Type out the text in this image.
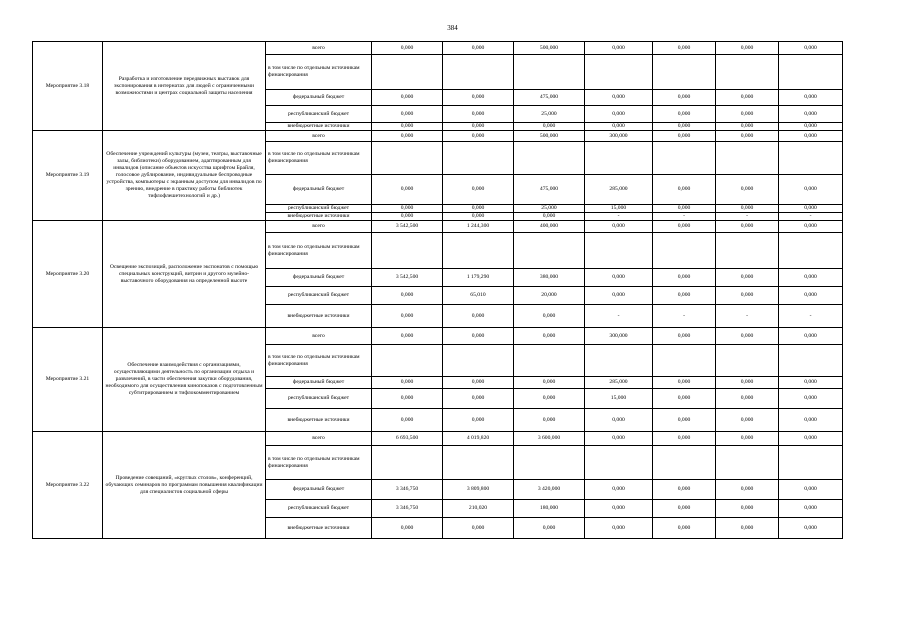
384
Мероприятие 3.18	Разработка и изготовление передвижных выставок для экспонирования в интернатах для людей с ограниченными возможностями и центрах социальной защиты населения	всего	0,000	0,000	500,000	0,000	0,000	0,000	0,000
		в том числе по отдельным источникам финансирования							
		федеральный бюджет	0,000	0,000	475,000	0,000	0,000	0,000	0,000
		республиканский бюджет	0,000	0,000	25,000	0,000	0,000	0,000	0,000
		внебюджетные источники	0,000	0,000	0,000	0,000	0,000	0,000	0,000
Мероприятие 3.19	Обеспечение учреждений культуры (музеи, театры, выставочные залы, библиотеки) оборудованием, адаптированным для инвалидов (описание объектов искусства шрифтом Брайля, голосовое дублирование, индивидуальные беспроводные устройства, компьютеры с экранным доступом для инвалидов по зрению, внедрение в практику работы библиотек тифлофлешетехнологий и др.)	всего	0,000	0,000	500,000	300,000	0,000	0,000	0,000
		в том числе по отдельным источникам финансирования							
		федеральный бюджет	0,000	0,000	475,000	285,000	0,000	0,000	0,000
		республиканский бюджет	0,000	0,000	25,000	15,000	0,000	0,000	0,000
		внебюджетные источники	0,000	0,000	0,000	-	-	-	-
Мероприятие 3.20	Освещение экспозиций, расположение экспонатов с помощью специальных конструкций, витрин и другого музейно-выставочного оборудования на определенной высоте	всего	3 542,500	1 244,300	400,000	0,000	0,000	0,000	0,000
		в том числе по отдельным источникам финансирования							
		федеральный бюджет	3 542,500	1 179,290	380,000	0,000	0,000	0,000	0,000
		республиканский бюджет	0,000	65,010	20,000	0,000	0,000	0,000	0,000
		внебюджетные источники	0,000	0,000	0,000	-	-	-	-
Мероприятие 3.21	Обеспечение взаимодействия с организациями, осуществляющими деятельность по организации отдыха и развлечений, в части обеспечения закупки оборудования, необходимого для осуществления кинопоказов с подготовленным субтитрированием и тифлокомментированием	всего	0,000	0,000	0,000	300,000	0,000	0,000	0,000
		в том числе по отдельным источникам финансирования							
		федеральный бюджет	0,000	0,000	0,000	285,000	0,000	0,000	0,000
		республиканский бюджет	0,000	0,000	0,000	15,000	0,000	0,000	0,000
		внебюджетные источники	0,000	0,000	0,000	0,000	0,000	0,000	0,000
Мероприятие 3.22	Проведение совещаний, «круглых столов», конференций, обучающих семинаров по программам повышения квалификации для специалистов социальной сферы	всего	6 693,500	4 019,820	3 600,000	0,000	0,000	0,000	0,000
		в том числе по отдельным источникам финансирования							
		федеральный бюджет	3 346,750	3 809,800	3 420,000	0,000	0,000	0,000	0,000
		республиканский бюджет	3 346,750	210,020	180,000	0,000	0,000	0,000	0,000
		внебюджетные источники	0,000	0,000	0,000	0,000	0,000	0,000	0,000
